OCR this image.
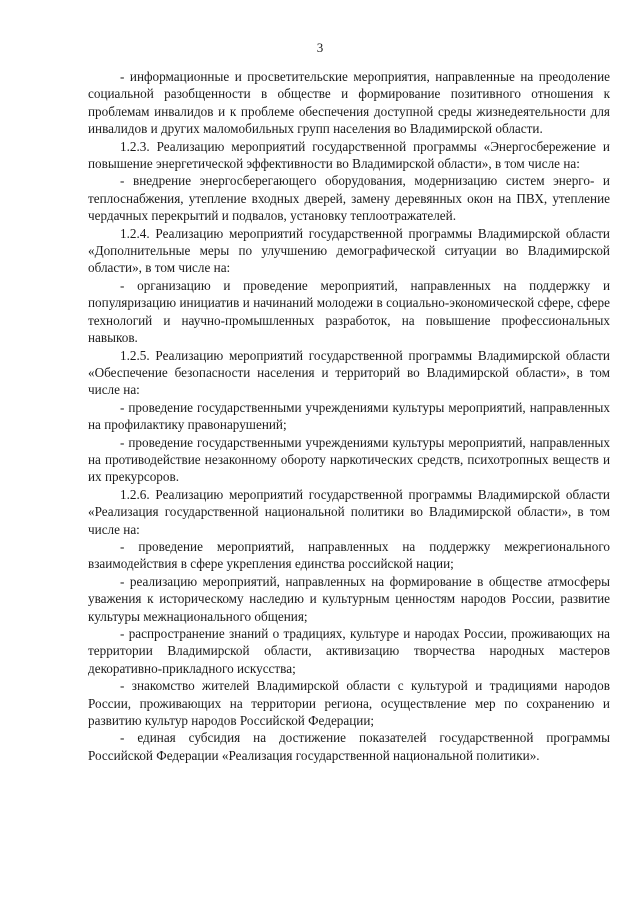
3

- информационные и просветительские мероприятия, направленные на преодоление социальной разобщенности в обществе и формирование позитивного отношения к проблемам инвалидов и к проблеме обеспечения доступной среды жизнедеятельности для инвалидов и других маломобильных групп населения во Владимирской области.

1.2.3. Реализацию мероприятий государственной программы «Энергосбережение и повышение энергетической эффективности во Владимирской области», в том числе на:

- внедрение энергосберегающего оборудования, модернизацию систем энерго- и теплоснабжения, утепление входных дверей, замену деревянных окон на ПВХ, утепление чердачных перекрытий и подвалов, установку теплоотражателей.

1.2.4. Реализацию мероприятий государственной программы Владимирской области «Дополнительные меры по улучшению демографической ситуации во Владимирской области», в том числе на:

- организацию и проведение мероприятий, направленных на поддержку и популяризацию инициатив и начинаний молодежи в социально-экономической сфере, сфере технологий и научно-промышленных разработок, на повышение профессиональных навыков.

1.2.5. Реализацию мероприятий государственной программы Владимирской области «Обеспечение безопасности населения и территорий во Владимирской области», в том числе на:

- проведение государственными учреждениями культуры мероприятий, направленных на профилактику правонарушений;

- проведение государственными учреждениями культуры мероприятий, направленных на противодействие незаконному обороту наркотических средств, психотропных веществ и их прекурсоров.

1.2.6. Реализацию мероприятий государственной программы Владимирской области «Реализация государственной национальной политики во Владимирской области», в том числе на:

- проведение мероприятий, направленных на поддержку межрегионального взаимодействия в сфере укрепления единства российской нации;

- реализацию мероприятий, направленных на формирование в обществе атмосферы уважения к историческому наследию и культурным ценностям народов России, развитие культуры межнационального общения;

- распространение знаний о традициях, культуре и народах России, проживающих на территории Владимирской области, активизацию творчества народных мастеров декоративно-прикладного искусства;

- знакомство жителей Владимирской области с культурой и традициями народов России, проживающих на территории региона, осуществление мер по сохранению и развитию культур народов Российской Федерации;

- единая субсидия на достижение показателей государственной программы Российской Федерации «Реализация государственной национальной политики».
